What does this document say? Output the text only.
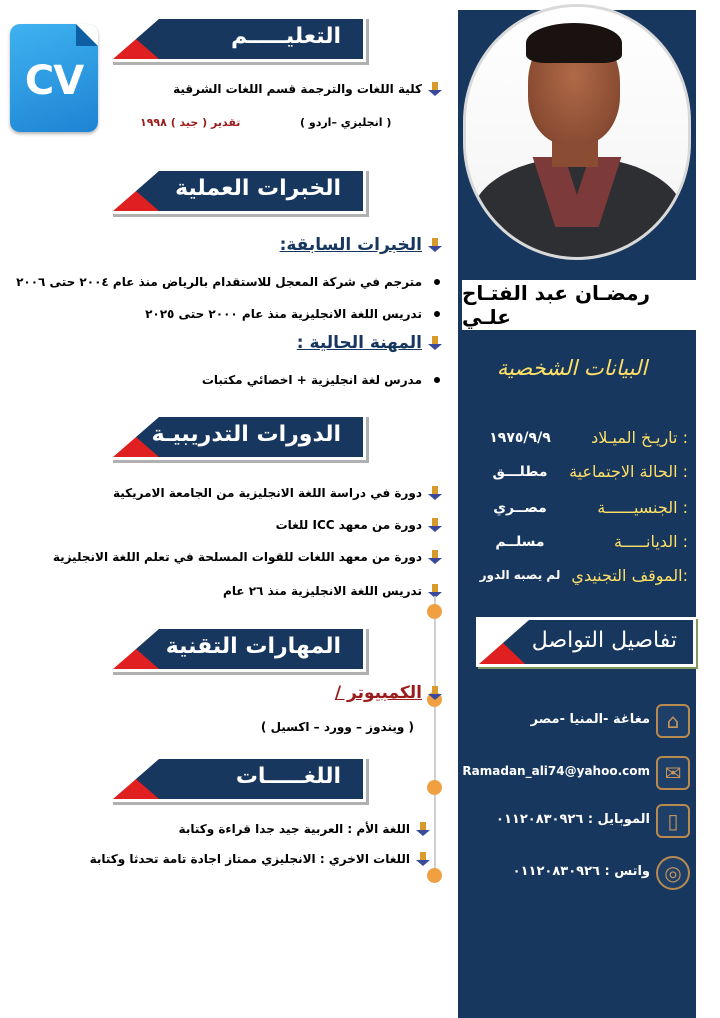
رمضـان عبد الفتـاح علـي
البيانات الشخصية
تاريـخ الميـلاد :
١٩٧٥/٩/٩
الحالة الاجتماعية :
مطلـــق
الجنسيــــــة :
مصــري
الديانـــــة :
مسلــم
الموقف التجنيدي:
لم يصبه الدور
تفاصيل التواصل
مغاغة -المنيا -مصر ⌂
Ramadan_ali74@yahoo.com ✉
الموبايل : ٠١١٢٠٨٣٠٩٢٦ ▯
واتس : ٠١١٢٠٨٣٠٩٢٦ ◎
CV
التعليـــــم
كلية اللغات والترجمة قسم اللغات الشرقية
( انجليزي –اردو )
تقدير ( جيد ) ١٩٩٨
الخبرات العملية
الخبرات السابقة:
مترجم في شركة المعجل للاستقدام بالرياض منذ عام ٢٠٠٤ حتى ٢٠٠٦
تدريس اللغة الانجليزية منذ عام ٢٠٠٠ حتى ٢٠٢٥
المهنة الحالية :
مدرس لغة انجليزية + اخصائي مكتبات
الدورات التدريبيـة
دورة في دراسة اللغة الانجليزية من الجامعة الامريكية
دورة من معهد ICC للغات
دورة من معهد اللغات للقوات المسلحة في تعلم اللغة الانجليزية
تدريس اللغة الانجليزية منذ ٢٦ عام
المهارات التقنية
الكمبيوتر /
( ويندوز – وورد – اكسيل )
اللغـــــات
اللغة الأم : العربية جيد جدا قراءة وكتابة
اللغات الاخري : الانجليزي ممتاز اجادة تامة تحدثا وكتابة
